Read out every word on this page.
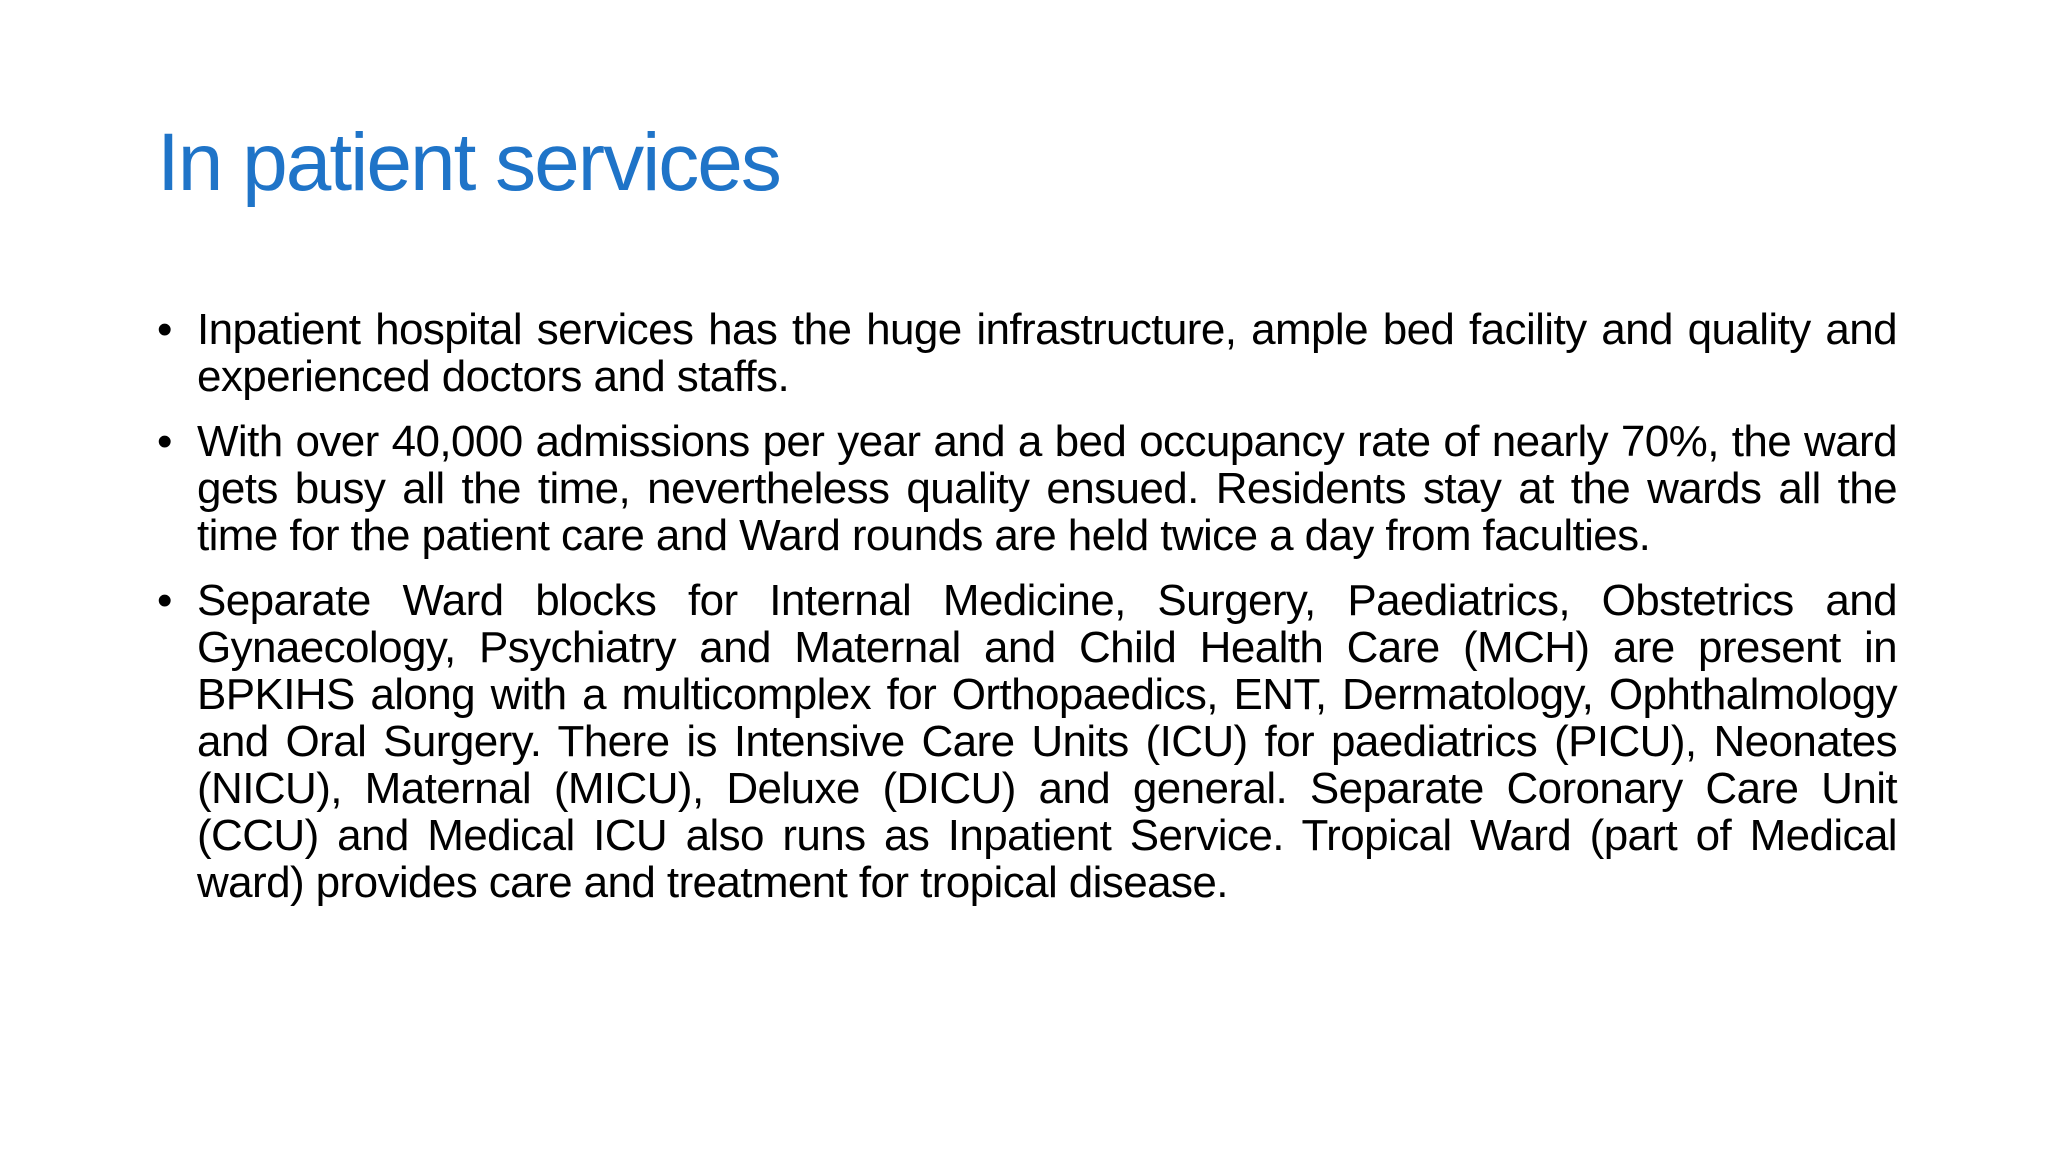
In patient services
• Inpatient hospital services has the huge infrastructure, ample bed facility and quality and experienced doctors and staffs.
• With over 40,000 admissions per year and a bed occupancy rate of nearly 70%, the ward gets busy all the time, nevertheless quality ensued. Residents stay at the wards all the time for the patient care and Ward rounds are held twice a day from faculties.
• Separate Ward blocks for Internal Medicine, Surgery, Paediatrics, Obstetrics and Gynaecology, Psychiatry and Maternal and Child Health Care (MCH) are present in BPKIHS along with a multicomplex for Orthopaedics, ENT, Dermatology, Ophthalmology and Oral Surgery. There is Intensive Care Units (ICU) for paediatrics (PICU), Neonates (NICU), Maternal (MICU), Deluxe (DICU) and general. Separate Coronary Care Unit (CCU) and Medical ICU also runs as Inpatient Service. Tropical Ward (part of Medical ward) provides care and treatment for tropical disease.
